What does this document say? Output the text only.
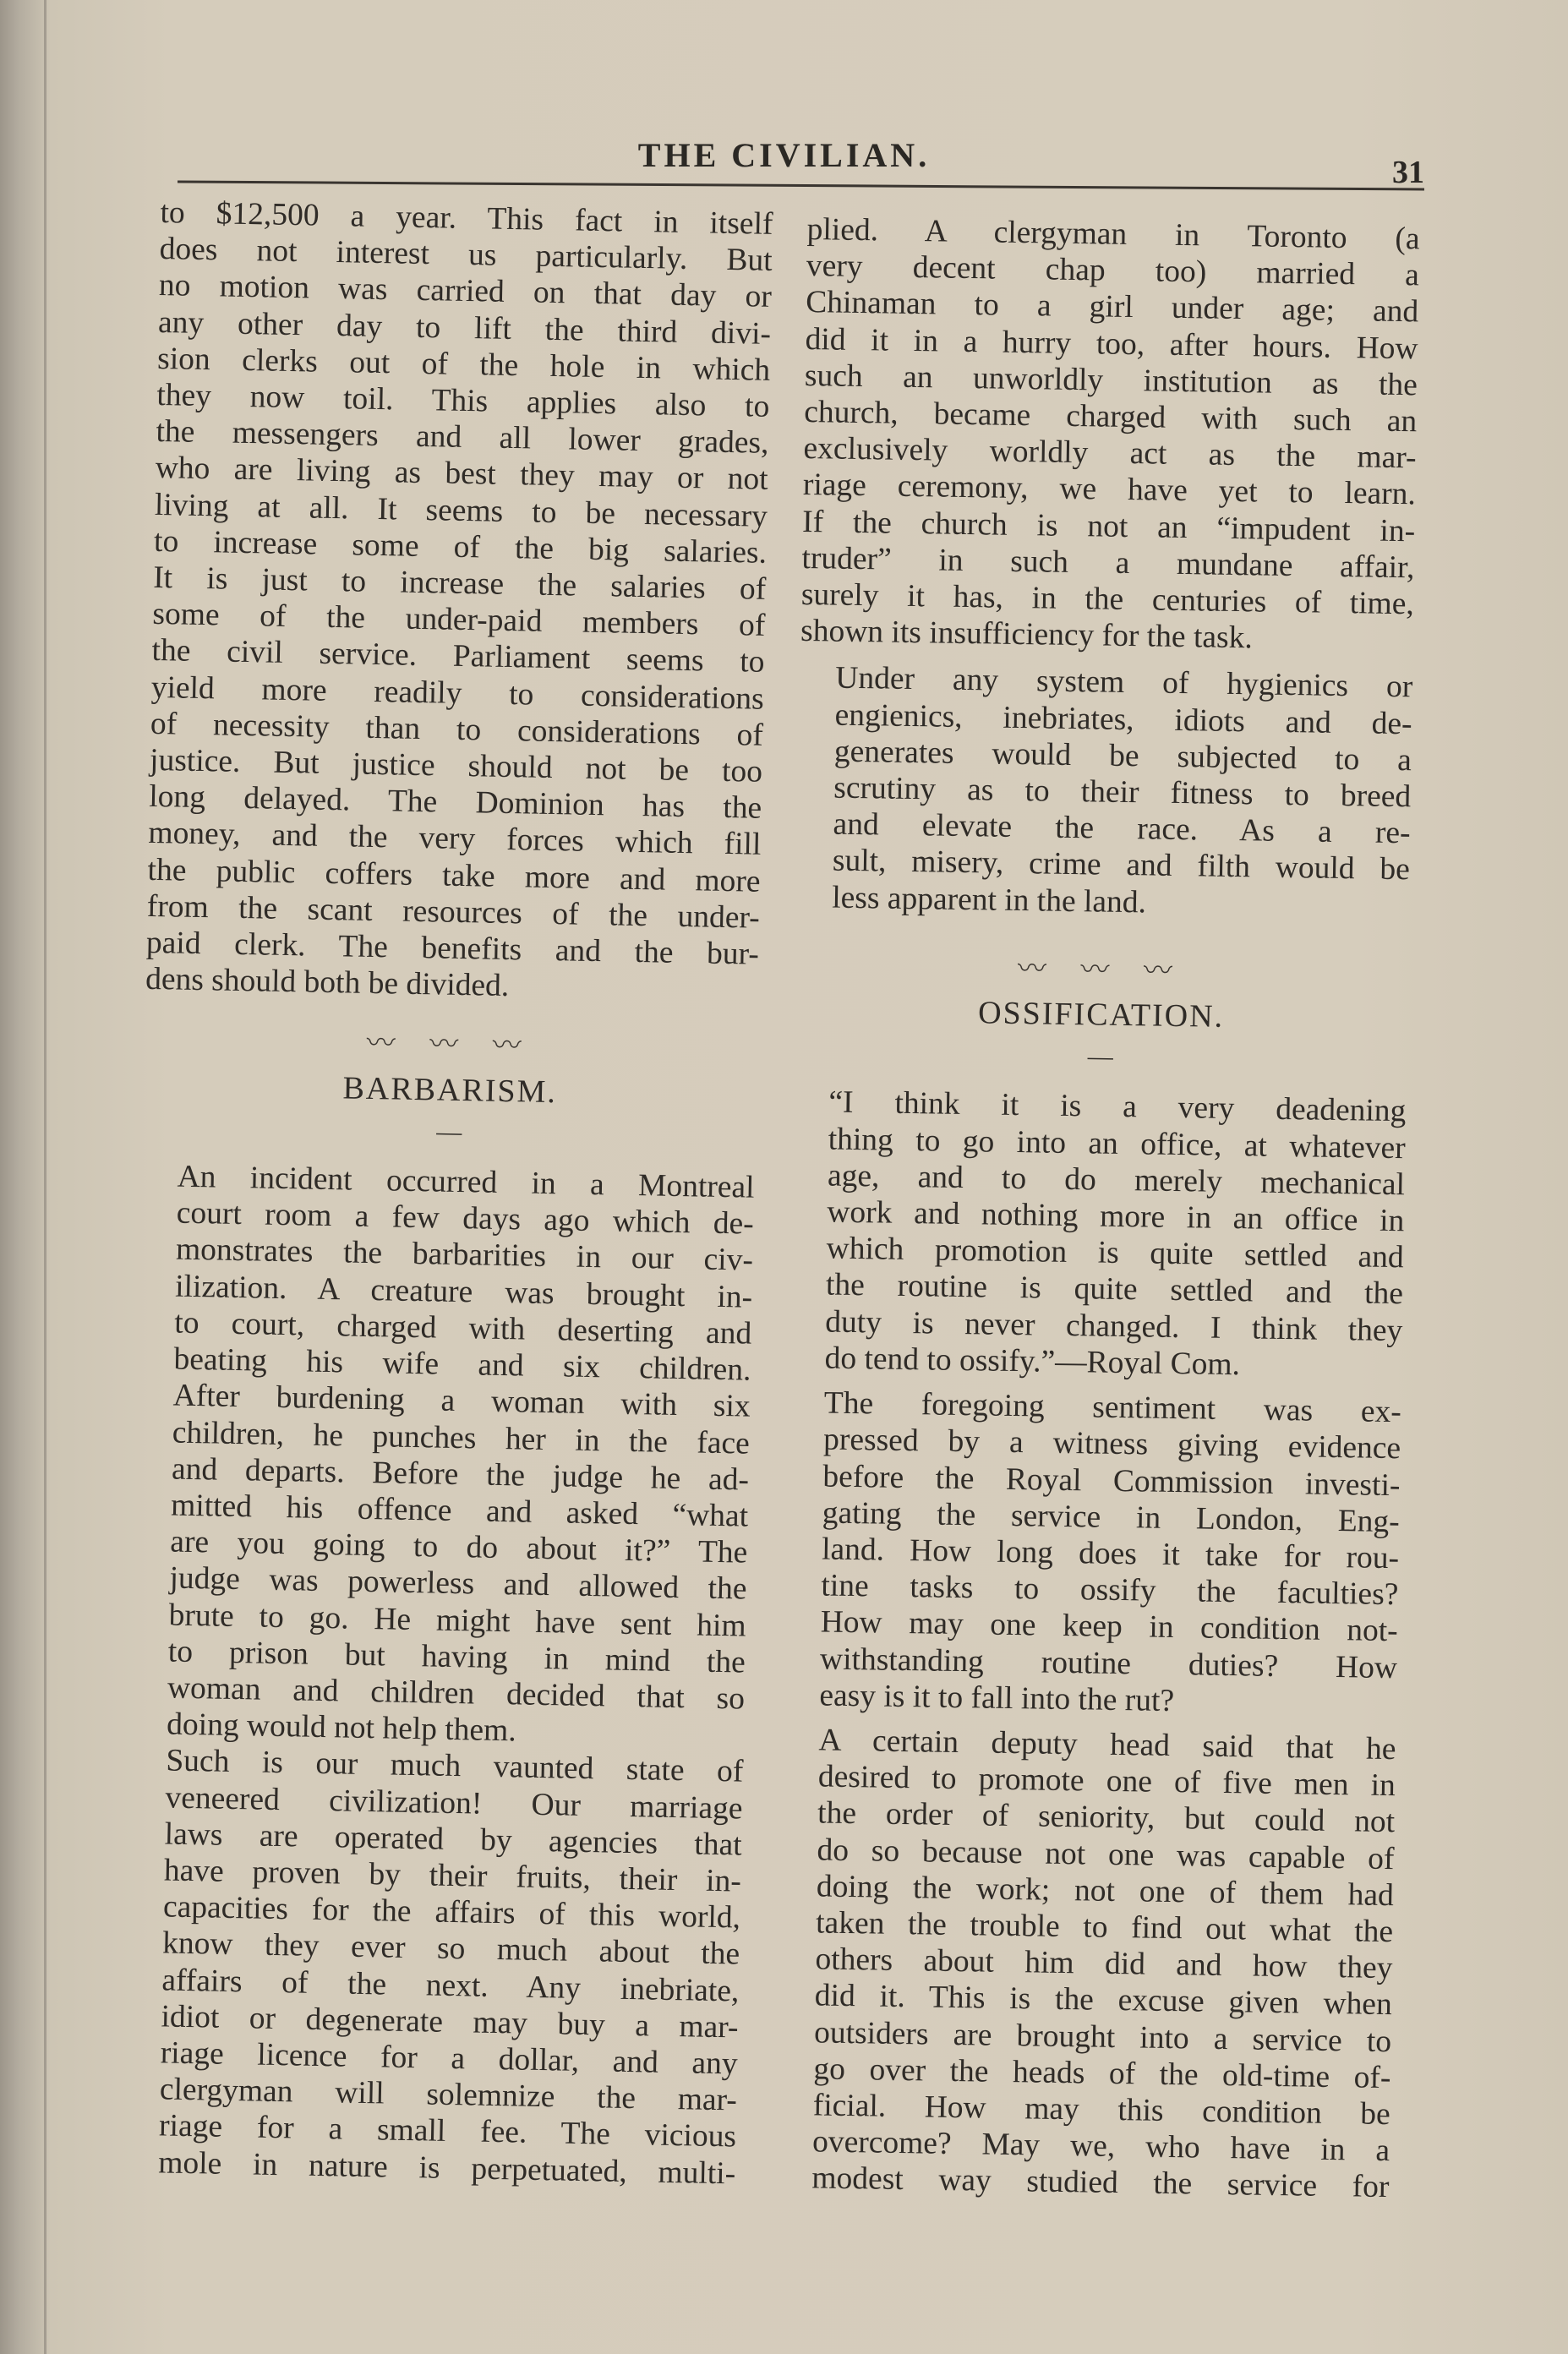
THE CIVILIAN.	31

to $12,500 a year. This fact in itself
does not interest us particularly. But
no motion was carried on that day or
any other day to lift the third divi-
sion clerks out of the hole in which
they now toil. This applies also to
the messengers and all lower grades,
who are living as best they may or not
living at all. It seems to be necessary
to increase some of the big salaries.
It is just to increase the salaries of
some of the under-paid members of
the civil service. Parliament seems to
yield more readily to considerations
of necessity than to considerations of
justice. But justice should not be too
long delayed. The Dominion has the
money, and the very forces which fill
the public coffers take more and more
from the scant resources of the under-
paid clerk. The benefits and the bur-
dens should both be divided.

〰 〰 〰
BARBARISM.
—

An incident occurred in a Montreal
court room a few days ago which de-
monstrates the barbarities in our civ-
ilization. A creature was brought in-
to court, charged with deserting and
beating his wife and six children.
After burdening a woman with six
children, he punches her in the face
and departs. Before the judge he ad-
mitted his offence and asked “what
are you going to do about it?” The
judge was powerless and allowed the
brute to go. He might have sent him
to prison but having in mind the
woman and children decided that so
doing would not help them.

Such is our much vaunted state of
veneered civilization! Our marriage
laws are operated by agencies that
have proven by their fruits, their in-
capacities for the affairs of this world,
know they ever so much about the
affairs of the next. Any inebriate,
idiot or degenerate may buy a mar-
riage licence for a dollar, and any
clergyman will solemnize the mar-
riage for a small fee. The vicious
mole in nature is perpetuated, multi-

plied. A clergyman in Toronto (a
very decent chap too) married a
Chinaman to a girl under age; and
did it in a hurry too, after hours. How
such an unworldly institution as the
church, became charged with such an
exclusively worldly act as the mar-
riage ceremony, we have yet to learn.
If the church is not an “impudent in-
truder” in such a mundane affair,
surely it has, in the centuries of time,
shown its insufficiency for the task.

Under any system of hygienics or
engienics, inebriates, idiots and de-
generates would be subjected to a
scrutiny as to their fitness to breed
and elevate the race. As a re-
sult, misery, crime and filth would be
less apparent in the land.

〰 〰 〰
OSSIFICATION.
—

“I think it is a very deadening
thing to go into an office, at whatever
age, and to do merely mechanical
work and nothing more in an office in
which promotion is quite settled and
the routine is quite settled and the
duty is never changed. I think they
do tend to ossify.”—Royal Com.

The foregoing sentiment was ex-
pressed by a witness giving evidence
before the Royal Commission investi-
gating the service in London, Eng-
land. How long does it take for rou-
tine tasks to ossify the faculties?
How may one keep in condition not-
withstanding routine duties? How
easy is it to fall into the rut?

A certain deputy head said that he
desired to promote one of five men in
the order of seniority, but could not
do so because not one was capable of
doing the work; not one of them had
taken the trouble to find out what the
others about him did and how they
did it. This is the excuse given when
outsiders are brought into a service to
go over the heads of the old-time of-
ficial. How may this condition be
overcome? May we, who have in a
modest way studied the service for
